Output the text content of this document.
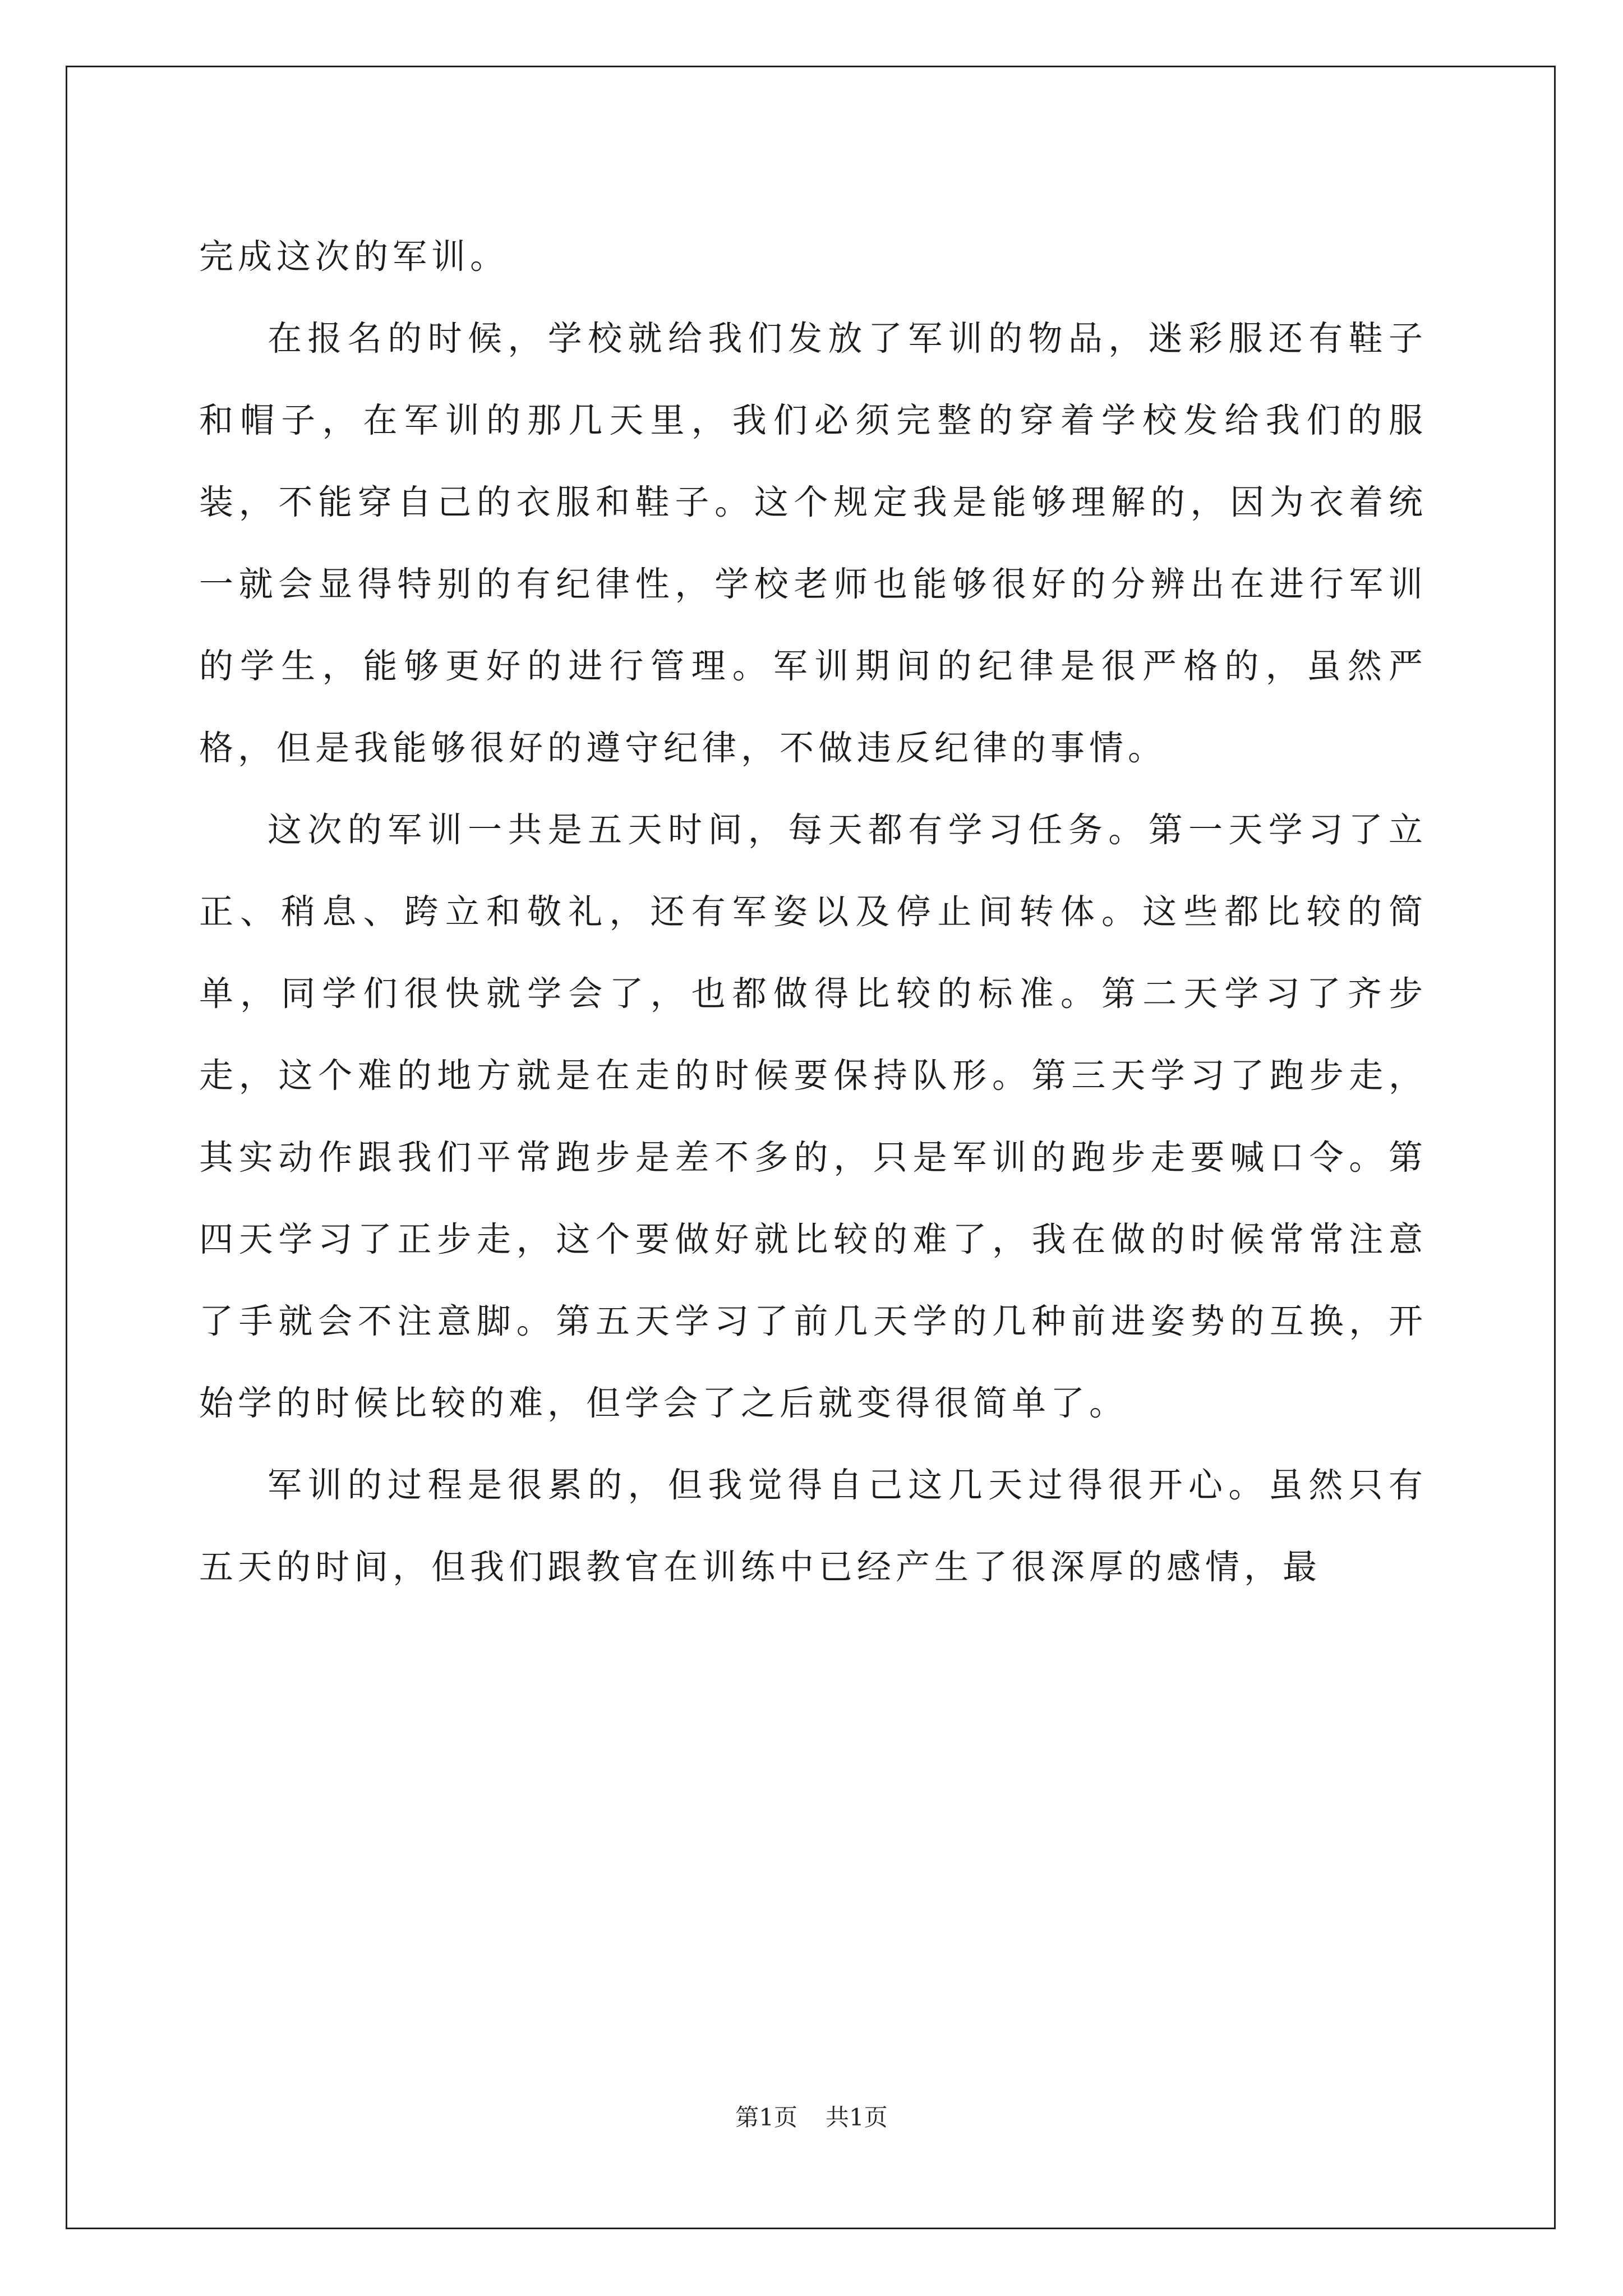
完成这次的军训。

在报名的时候，学校就给我们发放了军训的物品，迷彩服还有鞋子和帽子，在军训的那几天里，我们必须完整的穿着学校发给我们的服装，不能穿自己的衣服和鞋子。这个规定我是能够理解的，因为衣着统一就会显得特别的有纪律性，学校老师也能够很好的分辨出在进行军训的学生，能够更好的进行管理。军训期间的纪律是很严格的，虽然严格，但是我能够很好的遵守纪律，不做违反纪律的事情。

这次的军训一共是五天时间，每天都有学习任务。第一天学习了立正、稍息、跨立和敬礼，还有军姿以及停止间转体。这些都比较的简单，同学们很快就学会了，也都做得比较的标准。第二天学习了齐步走，这个难的地方就是在走的时候要保持队形。第三天学习了跑步走，其实动作跟我们平常跑步是差不多的，只是军训的跑步走要喊口令。第四天学习了正步走，这个要做好就比较的难了，我在做的时候常常注意了手就会不注意脚。第五天学习了前几天学的几种前进姿势的互换，开始学的时候比较的难，但学会了之后就变得很简单了。

军训的过程是很累的，但我觉得自己这几天过得很开心。虽然只有五天的时间，但我们跟教官在训练中已经产生了很深厚的感情，最

第1页 共1页
